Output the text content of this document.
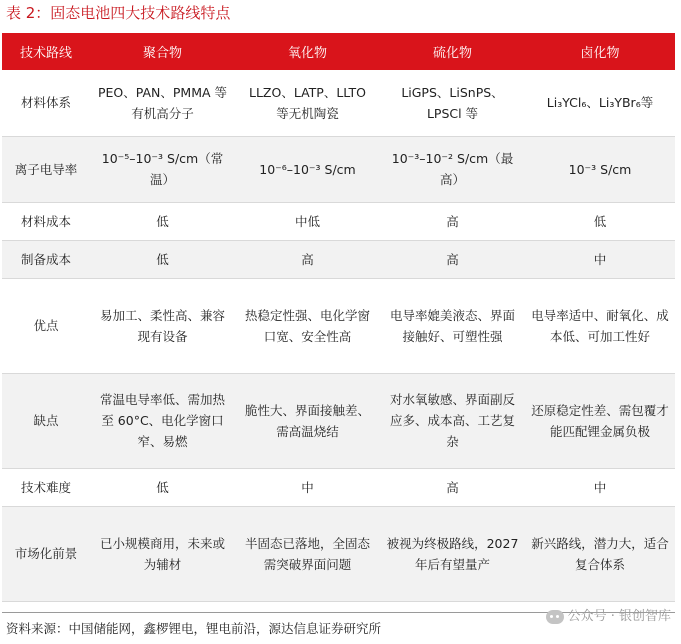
表 2：固态电池四大技术路线特点
技术路线	聚合物	氧化物	硫化物	卤化物
材料体系	PEO、PAN、PMMA 等有机高分子	LLZO、LATP、LLTO 等无机陶瓷	LiGPS、LiSnPS、LPSCl 等	Li₃YCl₆、Li₃YBr₆等
离子电导率	10⁻⁵–10⁻³ S/cm（常温）	10⁻⁶–10⁻³ S/cm	10⁻³–10⁻² S/cm（最高）	10⁻³ S/cm
材料成本	低	中低	高	低
制备成本	低	高	高	中
优点	易加工、柔性高、兼容现有设备	热稳定性强、电化学窗口宽、安全性高	电导率媲美液态、界面接触好、可塑性强	电导率适中、耐氧化、成本低、可加工性好
缺点	常温电导率低、需加热至 60°C、电化学窗口窄、易燃	脆性大、界面接触差、需高温烧结	对水氧敏感、界面副反应多、成本高、工艺复杂	还原稳定性差、需包覆才能匹配锂金属负极
技术难度	低	中	高	中
市场化前景	已小规模商用，未来或为辅材	半固态已落地，全固态需突破界面问题	被视为终极路线，2027 年后有望量产	新兴路线，潜力大，适合复合体系
资料来源：中国储能网，鑫椤锂电，锂电前沿，源达信息证券研究所
公众号 · 银创智库
